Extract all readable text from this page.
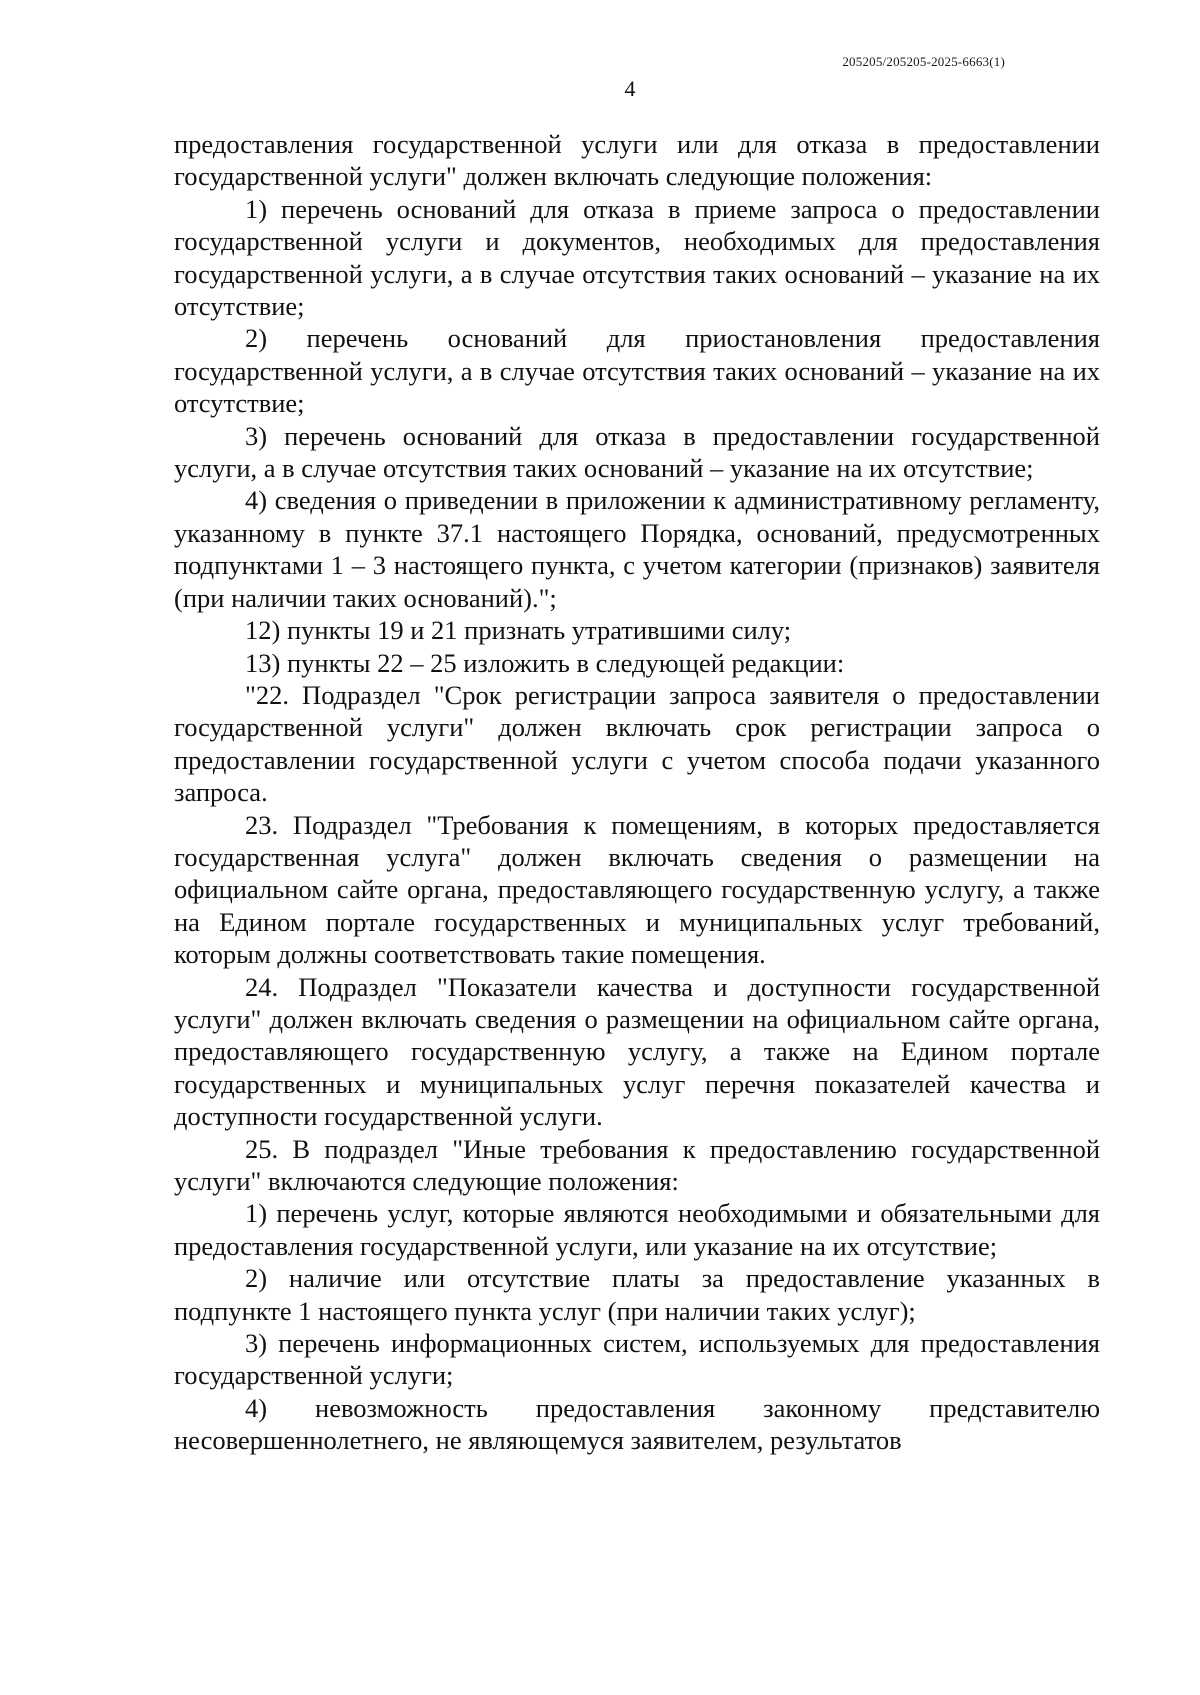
205205/205205-2025-6663(1)
4

предоставления государственной услуги или для отказа в предоставлении государственной услуги" должен включать следующие положения:

1) перечень оснований для отказа в приеме запроса о предоставлении государственной услуги и документов, необходимых для предоставления государственной услуги, а в случае отсутствия таких оснований – указание на их отсутствие;

2) перечень оснований для приостановления предоставления государственной услуги, а в случае отсутствия таких оснований – указание на их отсутствие;

3) перечень оснований для отказа в предоставлении государственной услуги, а в случае отсутствия таких оснований – указание на их отсутствие;

4) сведения о приведении в приложении к административному регламенту, указанному в пункте 37.1 настоящего Порядка, оснований, предусмотренных подпунктами 1 – 3 настоящего пункта, с учетом категории (признаков) заявителя (при наличии таких оснований).";

12) пункты 19 и 21 признать утратившими силу;

13) пункты 22 – 25 изложить в следующей редакции:

"22. Подраздел "Срок регистрации запроса заявителя о предоставлении государственной услуги" должен включать срок регистрации запроса о предоставлении государственной услуги с учетом способа подачи указанного запроса.

23. Подраздел "Требования к помещениям, в которых предоставляется государственная услуга" должен включать сведения о размещении на официальном сайте органа, предоставляющего государственную услугу, а также на Едином портале государственных и муниципальных услуг требований, которым должны соответствовать такие помещения.

24. Подраздел "Показатели качества и доступности государственной услуги" должен включать сведения о размещении на официальном сайте органа, предоставляющего государственную услугу, а также на Едином портале государственных и муниципальных услуг перечня показателей качества и доступности государственной услуги.

25. В подраздел "Иные требования к предоставлению государственной услуги" включаются следующие положения:

1) перечень услуг, которые являются необходимыми и обязательными для предоставления государственной услуги, или указание на их отсутствие;

2) наличие или отсутствие платы за предоставление указанных в подпункте 1 настоящего пункта услуг (при наличии таких услуг);

3) перечень информационных систем, используемых для предоставления государственной услуги;

4) невозможность предоставления законному представителю несовершеннолетнего, не являющемуся заявителем, результатов
